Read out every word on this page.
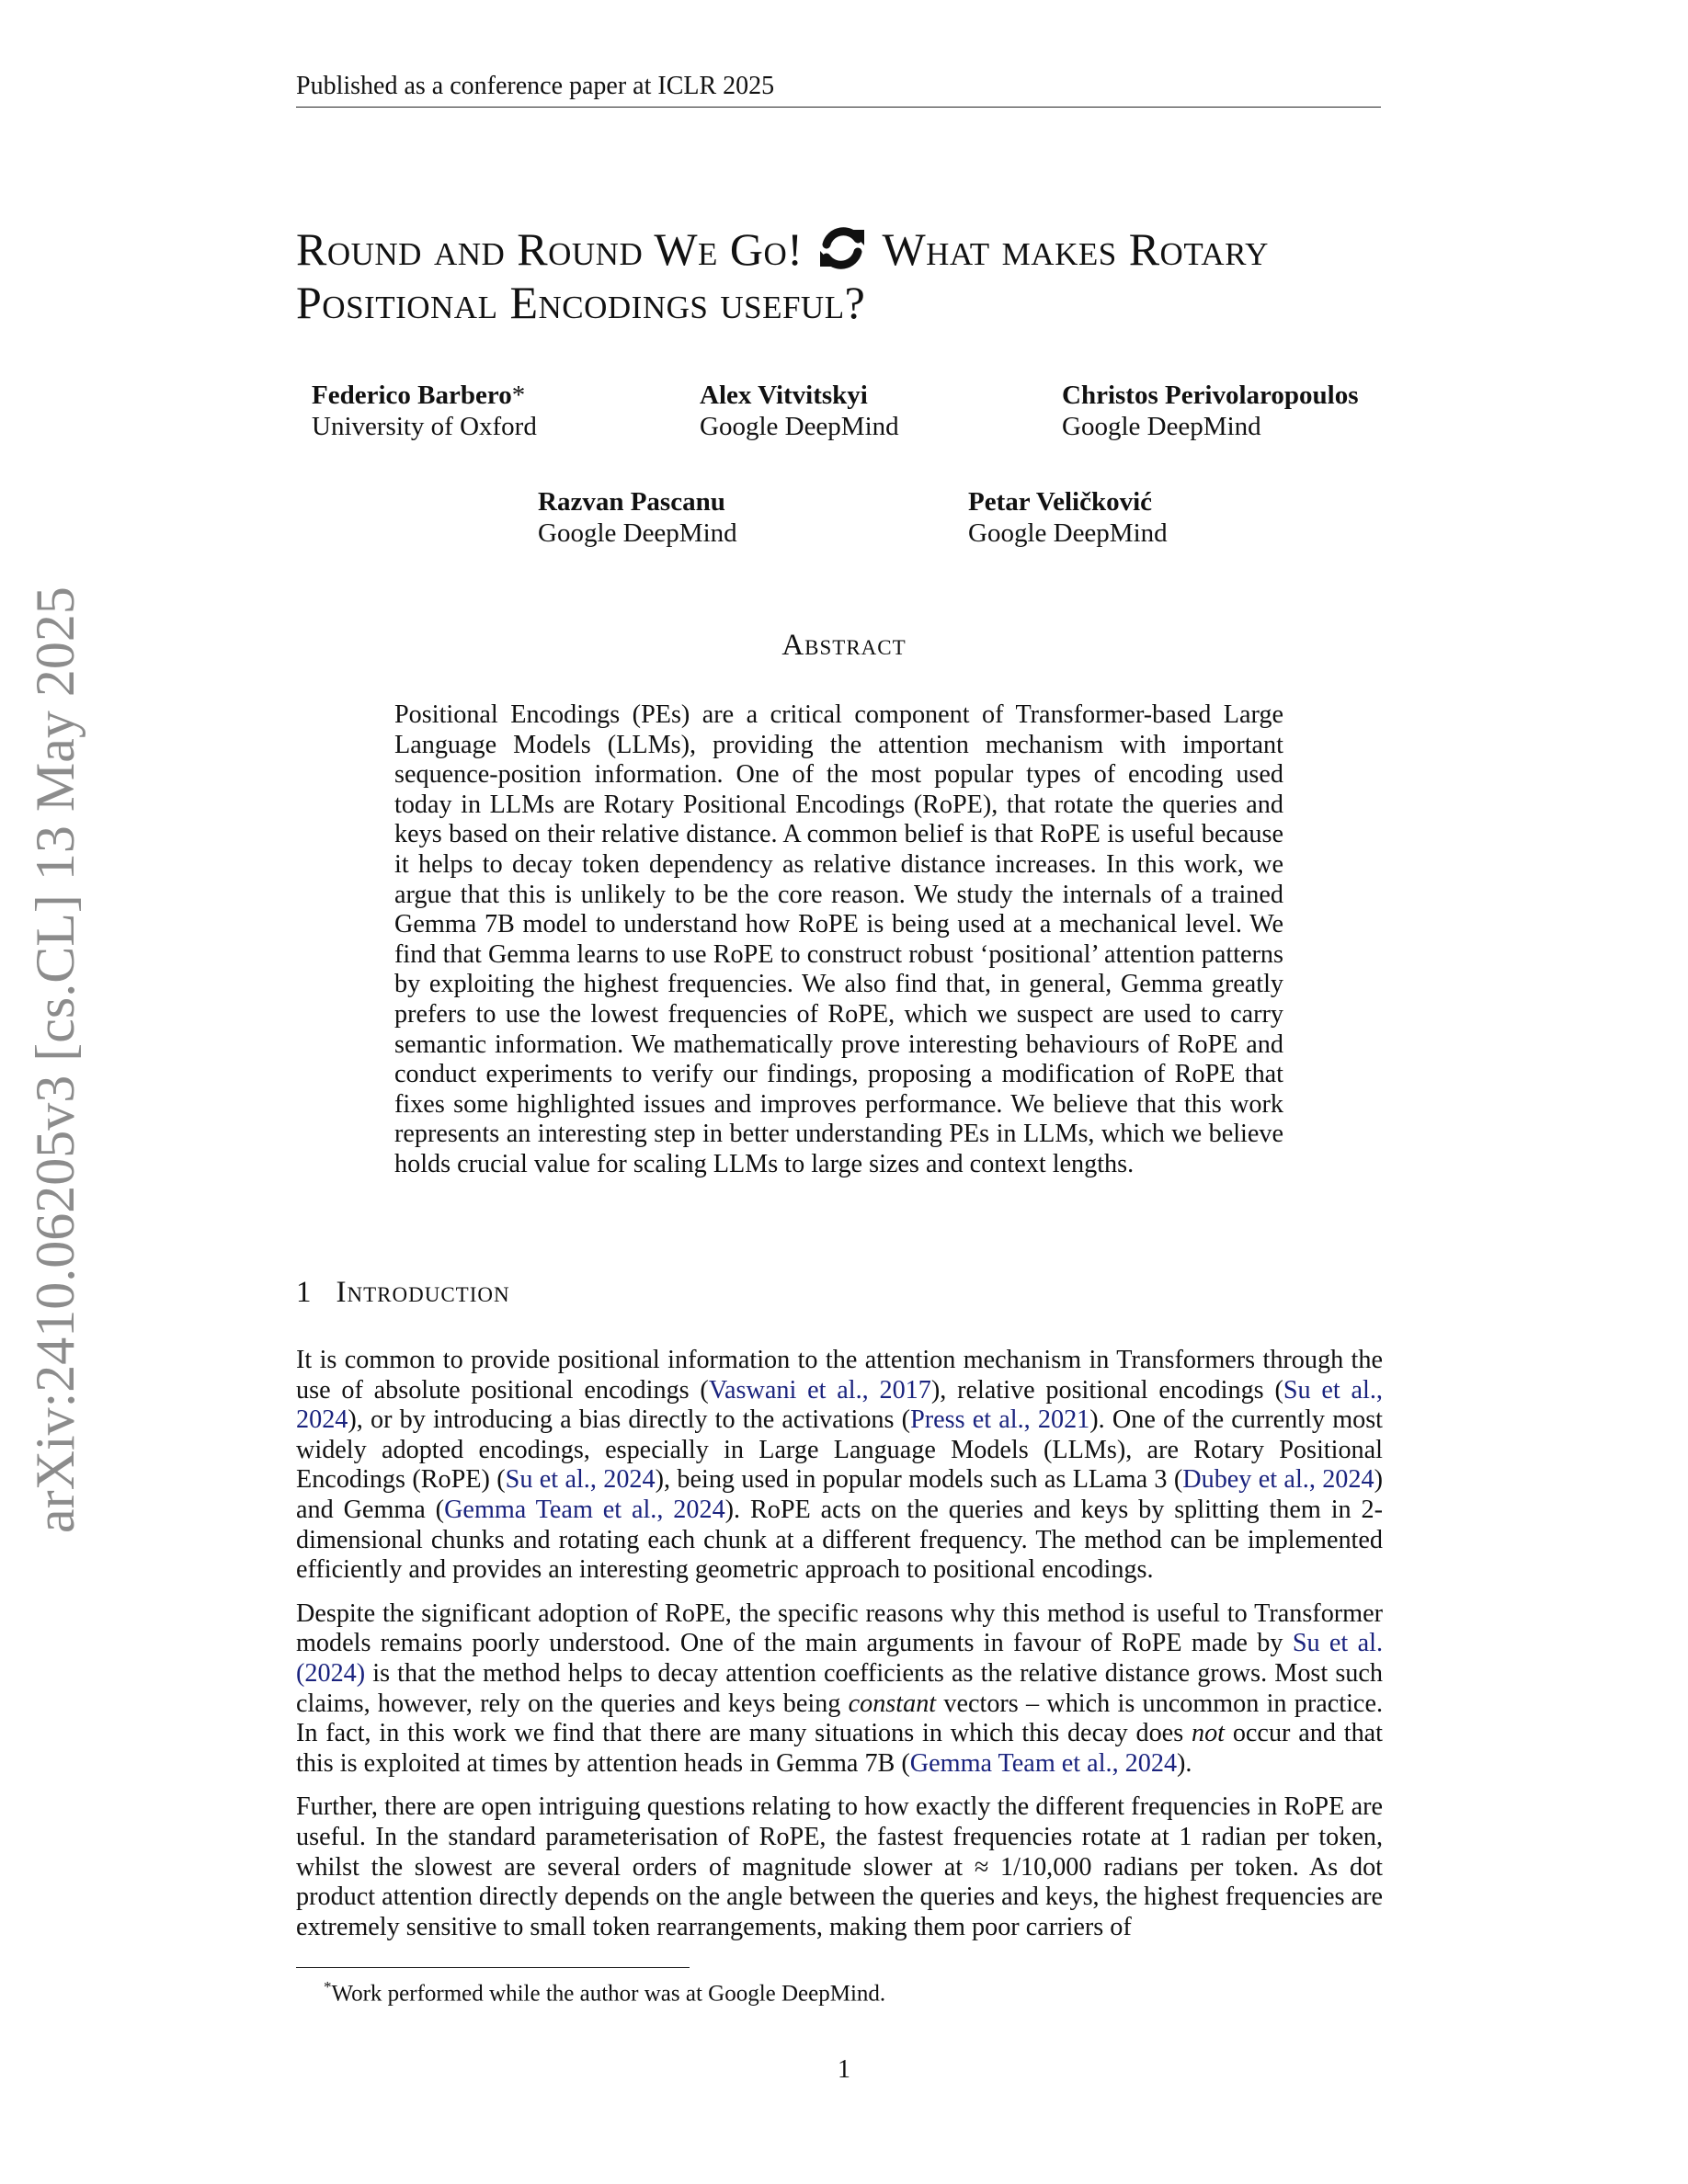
Published as a conference paper at ICLR 2025
Round and Round We Go! What makes Rotary
Positional Encodings useful?
Federico Barbero*
University of Oxford
Alex Vitvitskyi
Google DeepMind
Christos Perivolaropoulos
Google DeepMind
Razvan Pascanu
Google DeepMind
Petar Veličković
Google DeepMind
Abstract
Positional Encodings (PEs) are a critical component of Transformer-based Large Language Models (LLMs), providing the attention mechanism with important sequence-position information. One of the most popular types of encoding used today in LLMs are Rotary Positional Encodings (RoPE), that rotate the queries and keys based on their relative distance. A common belief is that RoPE is useful because it helps to decay token dependency as relative distance increases. In this work, we argue that this is unlikely to be the core reason. We study the internals of a trained Gemma 7B model to understand how RoPE is being used at a mechanical level. We find that Gemma learns to use RoPE to construct robust ‘positional’ attention patterns by exploiting the highest frequencies. We also find that, in general, Gemma greatly prefers to use the lowest frequencies of RoPE, which we suspect are used to carry semantic information. We mathematically prove interesting behaviours of RoPE and conduct experiments to verify our findings, proposing a modification of RoPE that fixes some highlighted issues and improves performance. We believe that this work represents an interesting step in better understanding PEs in LLMs, which we believe holds crucial value for scaling LLMs to large sizes and context lengths.
1 Introduction

It is common to provide positional information to the attention mechanism in Transformers through the use of absolute positional encodings (Vaswani et al., 2017), relative positional encodings (Su et al., 2024), or by introducing a bias directly to the activations (Press et al., 2021). One of the currently most widely adopted encodings, especially in Large Language Models (LLMs), are Rotary Positional Encodings (RoPE) (Su et al., 2024), being used in popular models such as LLama 3 (Dubey et al., 2024) and Gemma (Gemma Team et al., 2024). RoPE acts on the queries and keys by splitting them in 2-dimensional chunks and rotating each chunk at a different frequency. The method can be implemented efficiently and provides an interesting geometric approach to positional encodings.

Despite the significant adoption of RoPE, the specific reasons why this method is useful to Transformer models remains poorly understood. One of the main arguments in favour of RoPE made by Su et al. (2024) is that the method helps to decay attention coefficients as the relative distance grows. Most such claims, however, rely on the queries and keys being constant vectors – which is uncommon in practice. In fact, in this work we find that there are many situations in which this decay does not occur and that this is exploited at times by attention heads in Gemma 7B (Gemma Team et al., 2024).

Further, there are open intriguing questions relating to how exactly the different frequencies in RoPE are useful. In the standard parameterisation of RoPE, the fastest frequencies rotate at 1 radian per token, whilst the slowest are several orders of magnitude slower at ≈ 1/10,000 radians per token. As dot product attention directly depends on the angle between the queries and keys, the highest frequencies are extremely sensitive to small token rearrangements, making them poor carriers of

*Work performed while the author was at Google DeepMind.
1
arXiv:2410.06205v3 [cs.CL] 13 May 2025
